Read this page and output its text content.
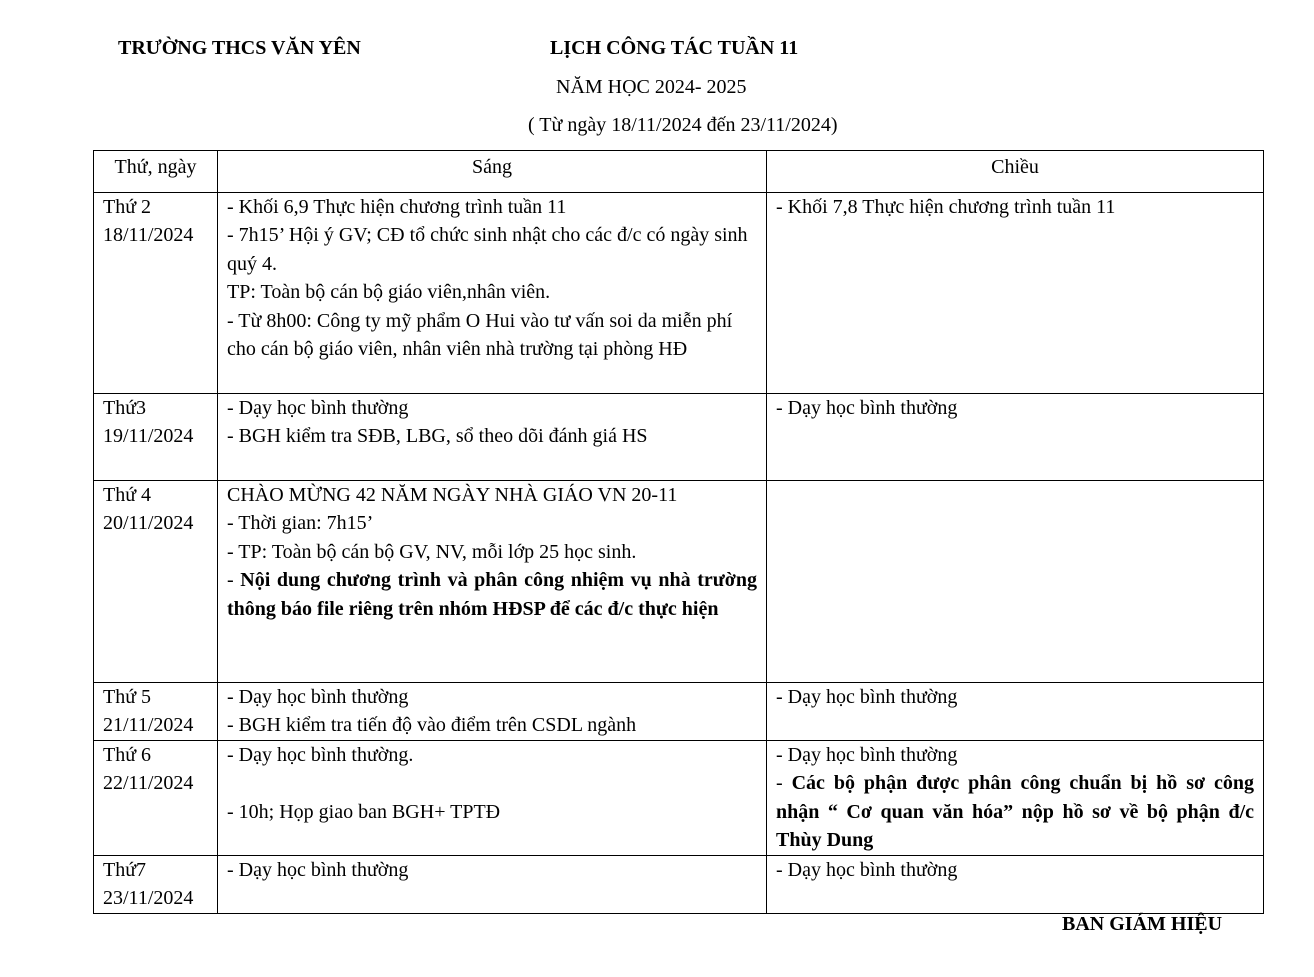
TRƯỜNG THCS VĂN YÊN	LỊCH CÔNG TÁC TUẦN 11
NĂM HỌC 2024- 2025
( Từ ngày 18/11/2024 đến 23/11/2024)
Thứ, ngày	Sáng	Chiều

Thứ 2
18/11/2024	- Khối 6,9 Thực hiện chương trình tuần 11
- 7h15’ Hội ý GV; CĐ tổ chức sinh nhật cho các đ/c có ngày sinh quý 4.
TP: Toàn bộ cán bộ giáo viên,nhân viên.
- Từ 8h00: Công ty mỹ phẩm O Hui vào tư vấn soi da miễn phí cho cán bộ giáo viên, nhân viên nhà trường tại phòng HĐ	- Khối 7,8 Thực hiện chương trình tuần 11

Thứ3
19/11/2024	- Dạy học bình thường
- BGH kiểm tra SĐB, LBG, sổ theo dõi đánh giá HS	- Dạy học bình thường

Thứ 4
20/11/2024	CHÀO MỪNG 42 NĂM NGÀY NHÀ GIÁO VN 20-11
- Thời gian: 7h15’
- TP: Toàn bộ cán bộ GV, NV, mỗi lớp 25 học sinh.
- Nội dung chương trình và phân công nhiệm vụ nhà trường thông báo file riêng trên nhóm HĐSP để các đ/c thực hiện	

Thứ 5
21/11/2024	- Dạy học bình thường
- BGH kiểm tra tiến độ vào điểm trên CSDL ngành	- Dạy học bình thường

Thứ 6
22/11/2024	- Dạy học bình thường.
- 10h; Họp giao ban BGH+ TPTĐ	- Dạy học bình thường
- Các bộ phận được phân công chuẩn bị hồ sơ công nhận “ Cơ quan văn hóa” nộp hồ sơ về bộ phận đ/c Thùy Dung

Thứ7
23/11/2024	- Dạy học bình thường	- Dạy học bình thường
BAN GIÁM HIỆU
